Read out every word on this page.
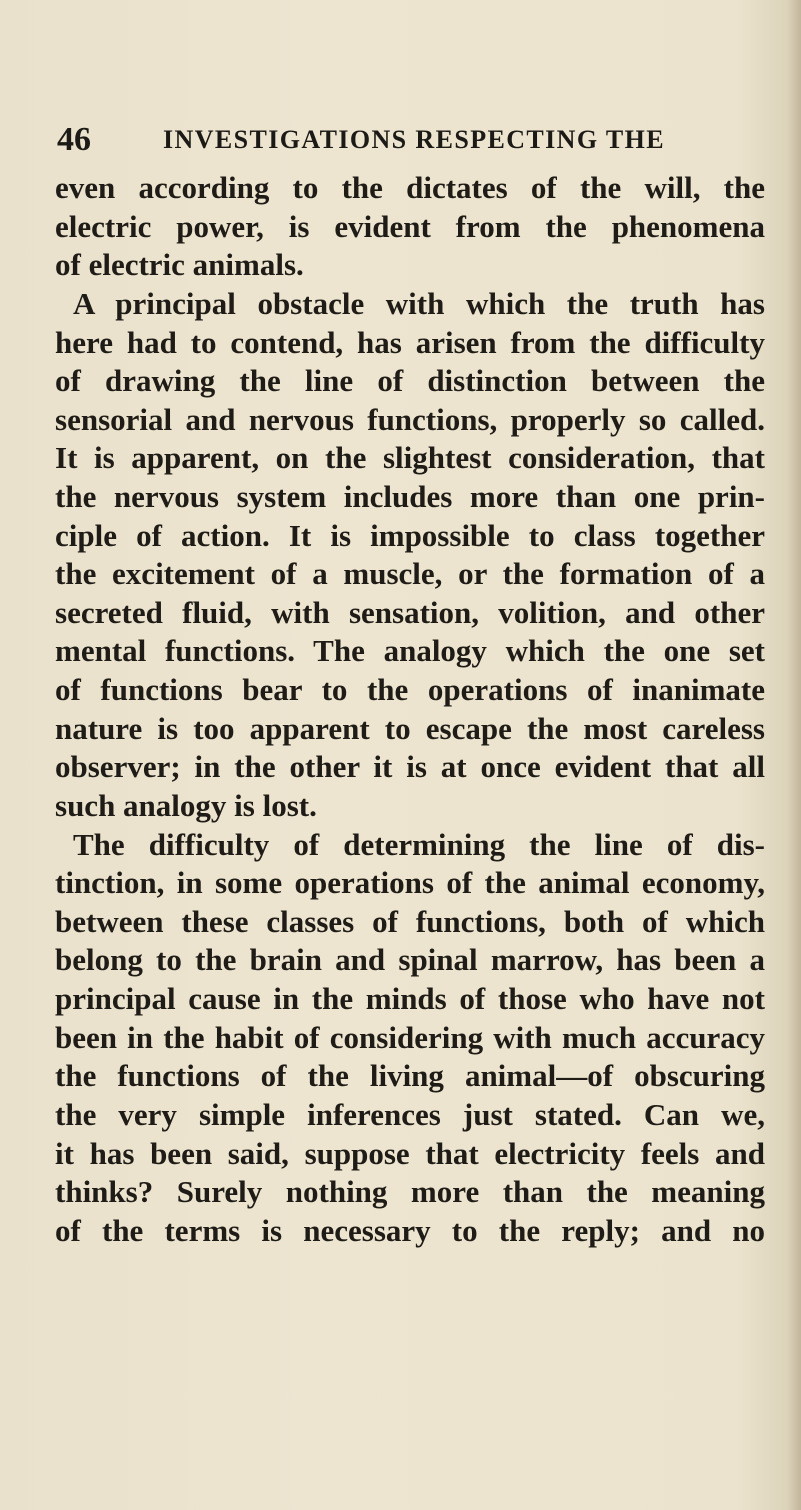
46	INVESTIGATIONS RESPECTING THE
even according to the dictates of the will, the
electric power, is evident from the phenomena
of electric animals.
A principal obstacle with which the truth has
here had to contend, has arisen from the difficulty
of drawing the line of distinction between the
sensorial and nervous functions, properly so called.
It is apparent, on the slightest consideration, that
the nervous system includes more than one prin-
ciple of action. It is impossible to class together
the excitement of a muscle, or the formation of a
secreted fluid, with sensation, volition, and other
mental functions. The analogy which the one set
of functions bear to the operations of inanimate
nature is too apparent to escape the most careless
observer; in the other it is at once evident that all
such analogy is lost.
The difficulty of determining the line of dis-
tinction, in some operations of the animal economy,
between these classes of functions, both of which
belong to the brain and spinal marrow, has been a
principal cause in the minds of those who have not
been in the habit of considering with much accuracy
the functions of the living animal—of obscuring
the very simple inferences just stated. Can we,
it has been said, suppose that electricity feels and
thinks? Surely nothing more than the meaning
of the terms is necessary to the reply; and no
